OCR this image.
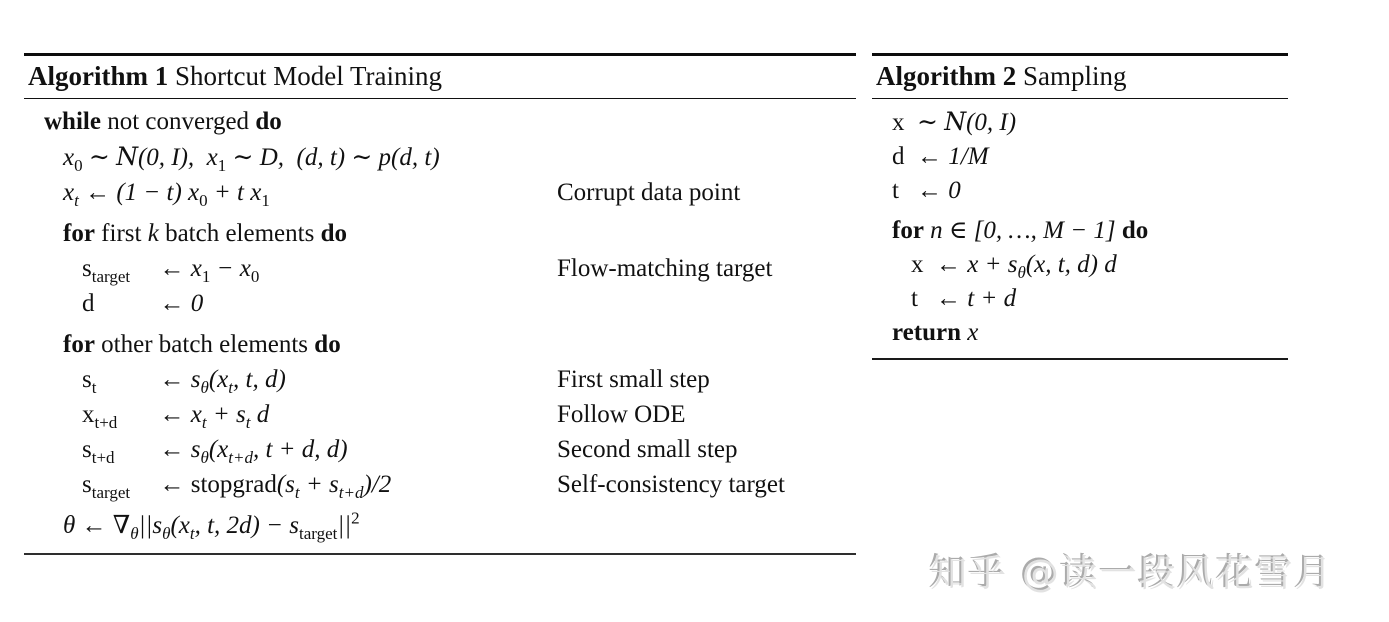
Algorithm 1 Shortcut Model Training
while not converged do
$x_0$ ∼ N(0, I),  $x_1$ ∼ D,  (d, t) ∼ p(d, t)
$x_t$ ← (1 − t) $x_0 + t$ $x_1$	Corrupt data point
for first k batch elements do
$s_{target}$ ← $x_1 - x_0$	Flow-matching target
d	← 0
for other batch elements do
$s_t$	← $s_\theta(x_t$, t, d)	First small step
$x_{t+d}$ ← $x_t + s_t$ d	Follow ODE
$s_{t+d}$ ← $s_\theta(x_{t+d}$, t + d, d)	Second small step
$s_{target}$ ← $stopgrad(s_t + s_{t+d})/2$	Self-consistency target
θ ← $\nabla_\theta||s_\theta(x_t$, t, $2d) - s_{target}||^2$
Algorithm 2 Sampling
x ∼ N(0, I)
d ← 1/M
t ← 0
for n ∈ [0, …, M − 1] do
x ← $x + s_\theta(x$, t, d) d
t ← t + d
return x
知乎 @读一段风花雪月
